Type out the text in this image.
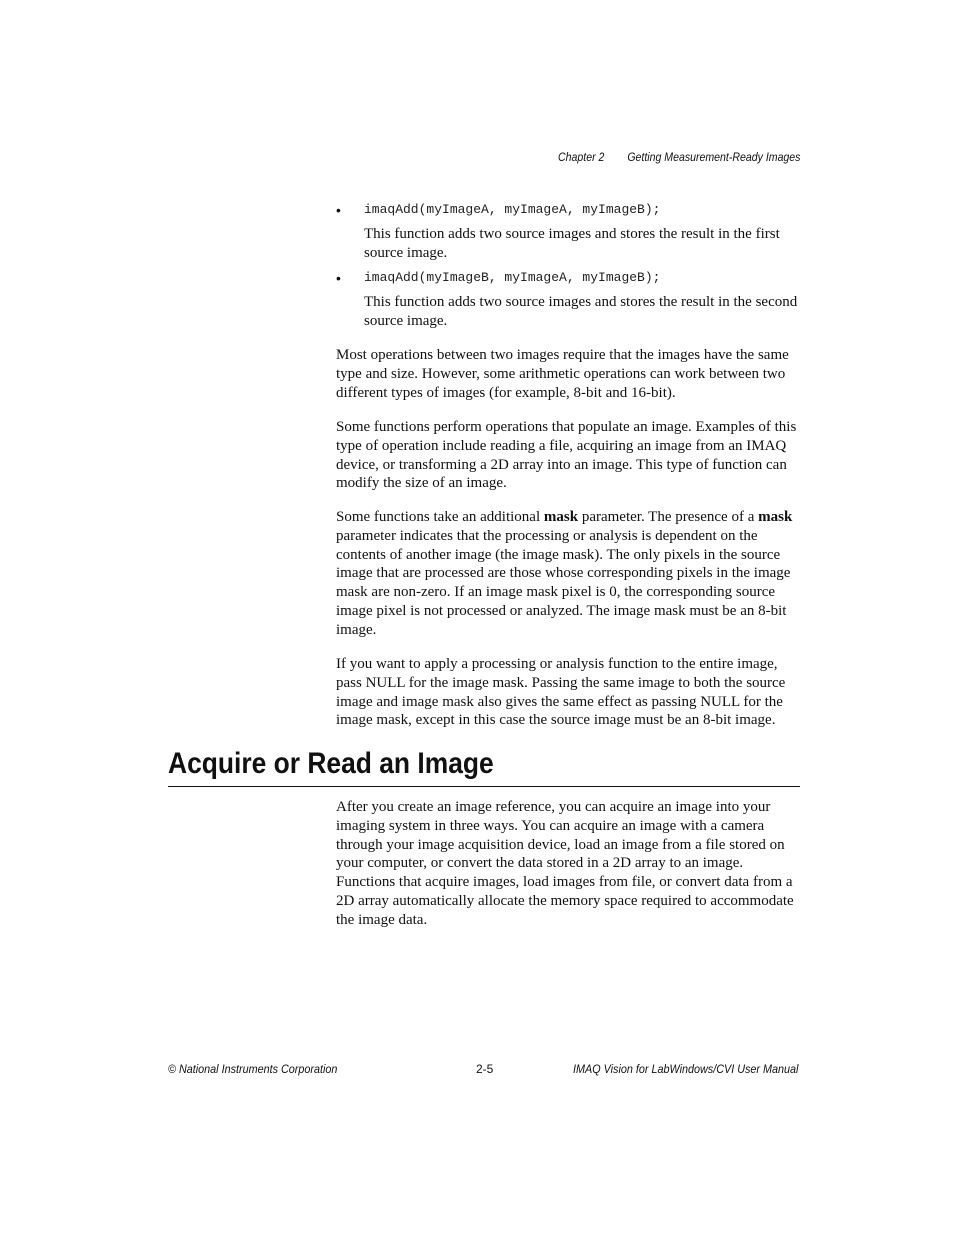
Chapter 2 Getting Measurement-Ready Images
• imaqAdd(myImageA, myImageA, myImageB);
This function adds two source images and stores the result in the first source image.
• imaqAdd(myImageB, myImageA, myImageB);
This function adds two source images and stores the result in the second source image.

Most operations between two images require that the images have the same type and size. However, some arithmetic operations can work between two different types of images (for example, 8-bit and 16-bit).

Some functions perform operations that populate an image. Examples of this type of operation include reading a file, acquiring an image from an IMAQ device, or transforming a 2D array into an image. This type of function can modify the size of an image.

Some functions take an additional mask parameter. The presence of a mask parameter indicates that the processing or analysis is dependent on the contents of another image (the image mask). The only pixels in the source image that are processed are those whose corresponding pixels in the image mask are non-zero. If an image mask pixel is 0, the corresponding source image pixel is not processed or analyzed. The image mask must be an 8-bit image.

If you want to apply a processing or analysis function to the entire image, pass NULL for the image mask. Passing the same image to both the source image and image mask also gives the same effect as passing NULL for the image mask, except in this case the source image must be an 8-bit image.

Acquire or Read an Image

After you create an image reference, you can acquire an image into your imaging system in three ways. You can acquire an image with a camera through your image acquisition device, load an image from a file stored on your computer, or convert the data stored in a 2D array to an image. Functions that acquire images, load images from file, or convert data from a 2D array automatically allocate the memory space required to accommodate the image data.

© National Instruments Corporation	2-5	IMAQ Vision for LabWindows/CVI User Manual
